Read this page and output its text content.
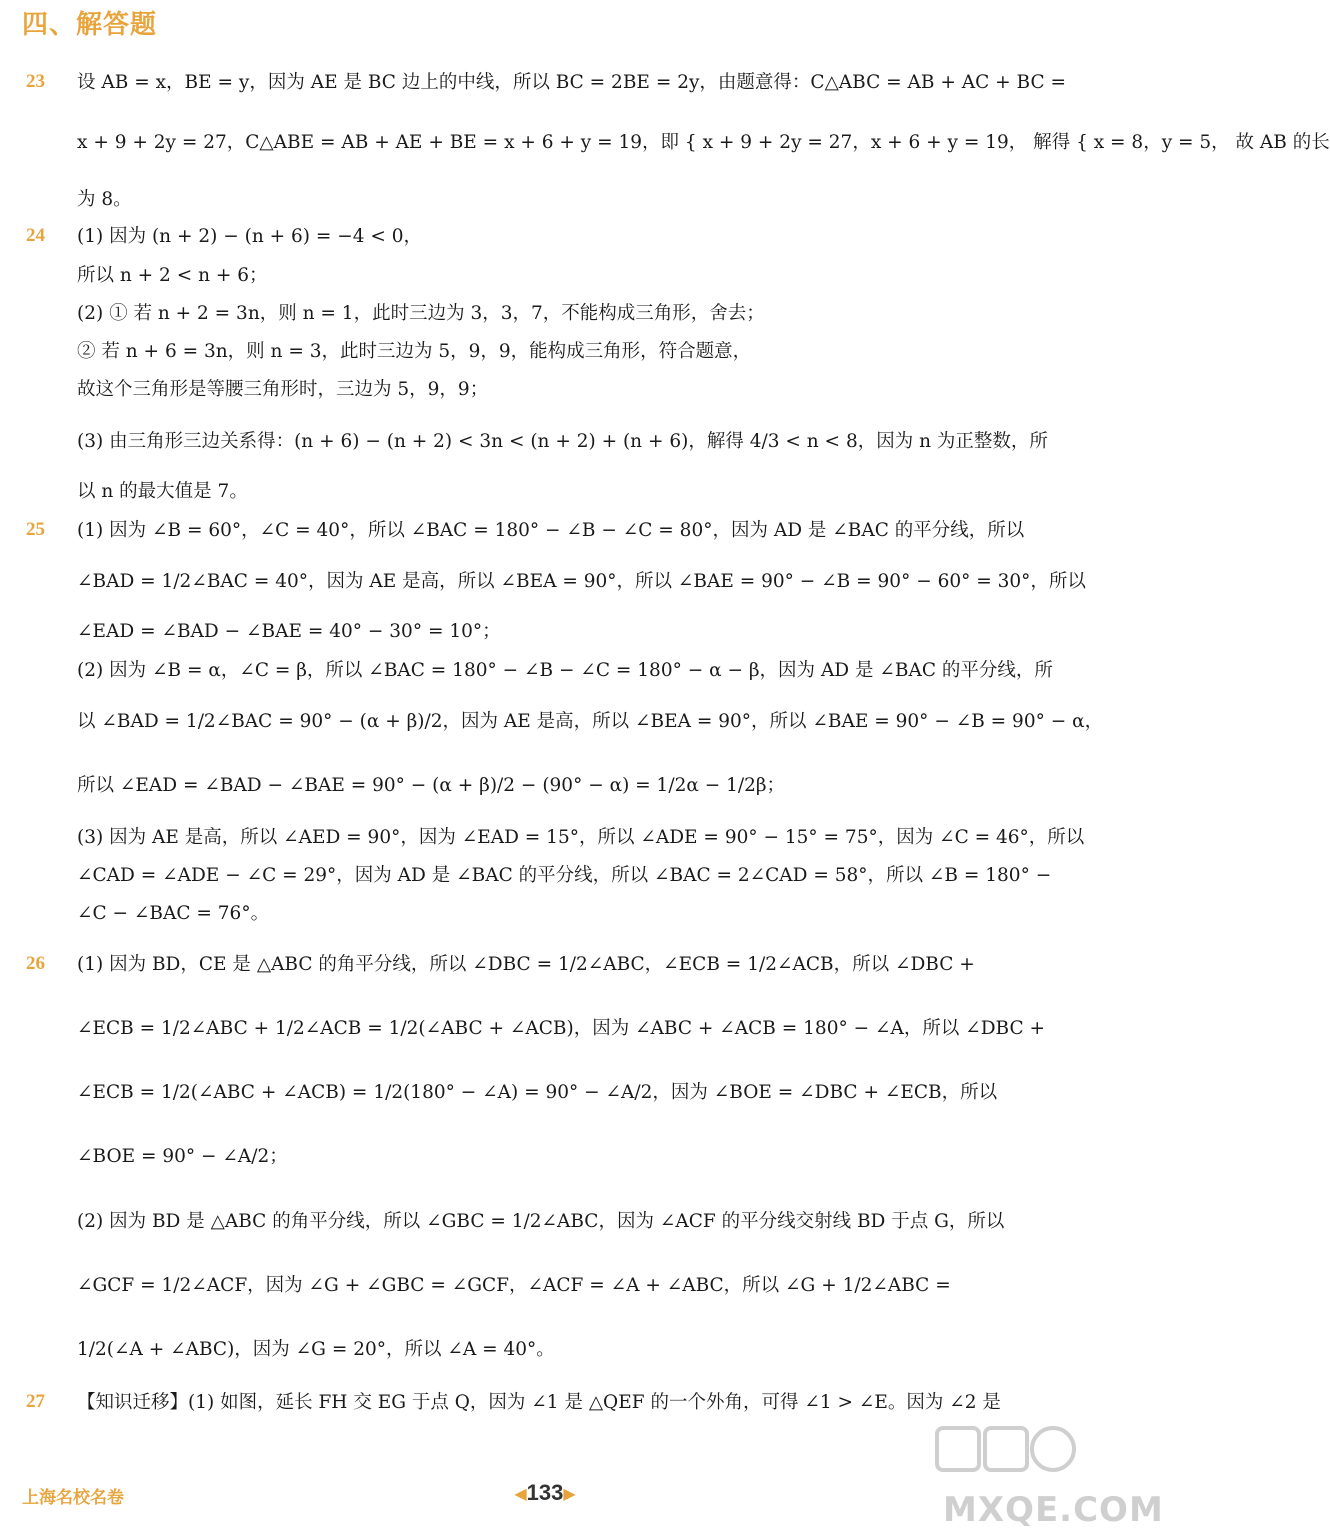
四、解答题
23 设 AB = x，BE = y，因为 AE 是 BC 边上的中线，所以 BC = 2BE = 2y，由题意得：C△ABC = AB + AC + BC =
x + 9 + 2y = 27，C△ABE = AB + AE + BE = x + 6 + y = 19，即 { x + 9 + 2y = 27，x + 6 + y = 19， 解得 { x = 8，y = 5， 故 AB 的长
为 8。
24 (1) 因为 (n + 2) − (n + 6) = −4 < 0，
所以 n + 2 < n + 6；
(2) ① 若 n + 2 = 3n，则 n = 1，此时三边为 3，3，7，不能构成三角形，舍去；
② 若 n + 6 = 3n，则 n = 3，此时三边为 5，9，9，能构成三角形，符合题意，
故这个三角形是等腰三角形时，三边为 5，9，9；
(3) 由三角形三边关系得：(n + 6) − (n + 2) < 3n < (n + 2) + (n + 6)，解得 4/3 < n < 8，因为 n 为正整数，所
以 n 的最大值是 7。
25 (1) 因为 ∠B = 60°，∠C = 40°，所以 ∠BAC = 180° − ∠B − ∠C = 80°，因为 AD 是 ∠BAC 的平分线，所以
∠BAD = 1/2∠BAC = 40°，因为 AE 是高，所以 ∠BEA = 90°，所以 ∠BAE = 90° − ∠B = 90° − 60° = 30°，所以
∠EAD = ∠BAD − ∠BAE = 40° − 30° = 10°；
(2) 因为 ∠B = α，∠C = β，所以 ∠BAC = 180° − ∠B − ∠C = 180° − α − β，因为 AD 是 ∠BAC 的平分线，所
以 ∠BAD = 1/2∠BAC = 90° − (α + β)/2，因为 AE 是高，所以 ∠BEA = 90°，所以 ∠BAE = 90° − ∠B = 90° − α，
所以 ∠EAD = ∠BAD − ∠BAE = 90° − (α + β)/2 − (90° − α) = 1/2α − 1/2β；
(3) 因为 AE 是高，所以 ∠AED = 90°，因为 ∠EAD = 15°，所以 ∠ADE = 90° − 15° = 75°，因为 ∠C = 46°，所以
∠CAD = ∠ADE − ∠C = 29°，因为 AD 是 ∠BAC 的平分线，所以 ∠BAC = 2∠CAD = 58°，所以 ∠B = 180° −
∠C − ∠BAC = 76°。
26 (1) 因为 BD，CE 是 △ABC 的角平分线，所以 ∠DBC = 1/2∠ABC，∠ECB = 1/2∠ACB，所以 ∠DBC +
∠ECB = 1/2∠ABC + 1/2∠ACB = 1/2(∠ABC + ∠ACB)，因为 ∠ABC + ∠ACB = 180° − ∠A，所以 ∠DBC +
∠ECB = 1/2(∠ABC + ∠ACB) = 1/2(180° − ∠A) = 90° − ∠A/2，因为 ∠BOE = ∠DBC + ∠ECB，所以
∠BOE = 90° − ∠A/2；
(2) 因为 BD 是 △ABC 的角平分线，所以 ∠GBC = 1/2∠ABC，因为 ∠ACF 的平分线交射线 BD 于点 G，所以
∠GCF = 1/2∠ACF，因为 ∠G + ∠GBC = ∠GCF，∠ACF = ∠A + ∠ABC，所以 ∠G + 1/2∠ABC =
1/2(∠A + ∠ABC)，因为 ∠G = 20°，所以 ∠A = 40°。
27 【知识迁移】(1) 如图，延长 FH 交 EG 于点 Q，因为 ∠1 是 △QEF 的一个外角，可得 ∠1 > ∠E。因为 ∠2 是
上海名校名卷	◀133▶	MXQE.COM
